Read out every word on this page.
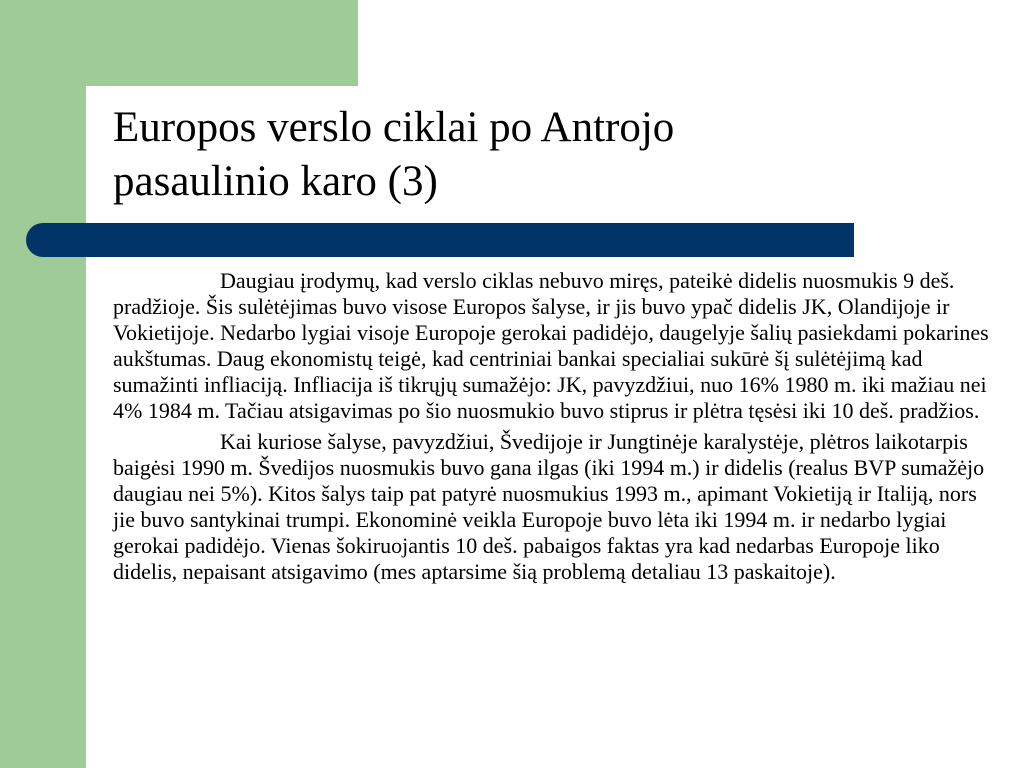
Europos verslo ciklai po Antrojo
pasaulinio karo (3)

Daugiau įrodymų, kad verslo ciklas nebuvo miręs, pateikė didelis nuosmukis 9 deš. pradžioje. Šis sulėtėjimas buvo visose Europos šalyse, ir jis buvo ypač didelis JK, Olandijoje ir Vokietijoje. Nedarbo lygiai visoje Europoje gerokai padidėjo, daugelyje šalių pasiekdami pokarines aukštumas. Daug ekonomistų teigė, kad centriniai bankai specialiai sukūrė šį sulėtėjimą kad sumažinti infliaciją. Infliacija iš tikrųjų sumažėjo: JK, pavyzdžiui, nuo 16% 1980 m. iki mažiau nei 4% 1984 m. Tačiau atsigavimas po šio nuosmukio buvo stiprus ir plėtra tęsėsi iki 10 deš. pradžios.

Kai kuriose šalyse, pavyzdžiui, Švedijoje ir Jungtinėje karalystėje, plėtros laikotarpis baigėsi 1990 m. Švedijos nuosmukis buvo gana ilgas (iki 1994 m.) ir didelis (realus BVP sumažėjo daugiau nei 5%). Kitos šalys taip pat patyrė nuosmukius 1993 m., apimant Vokietiją ir Italiją, nors jie buvo santykinai trumpi. Ekonominė veikla Europoje buvo lėta iki 1994 m. ir nedarbo lygiai gerokai padidėjo. Vienas šokiruojantis 10 deš. pabaigos faktas yra kad nedarbas Europoje liko didelis, nepaisant atsigavimo (mes aptarsime šią problemą detaliau 13 paskaitoje).
